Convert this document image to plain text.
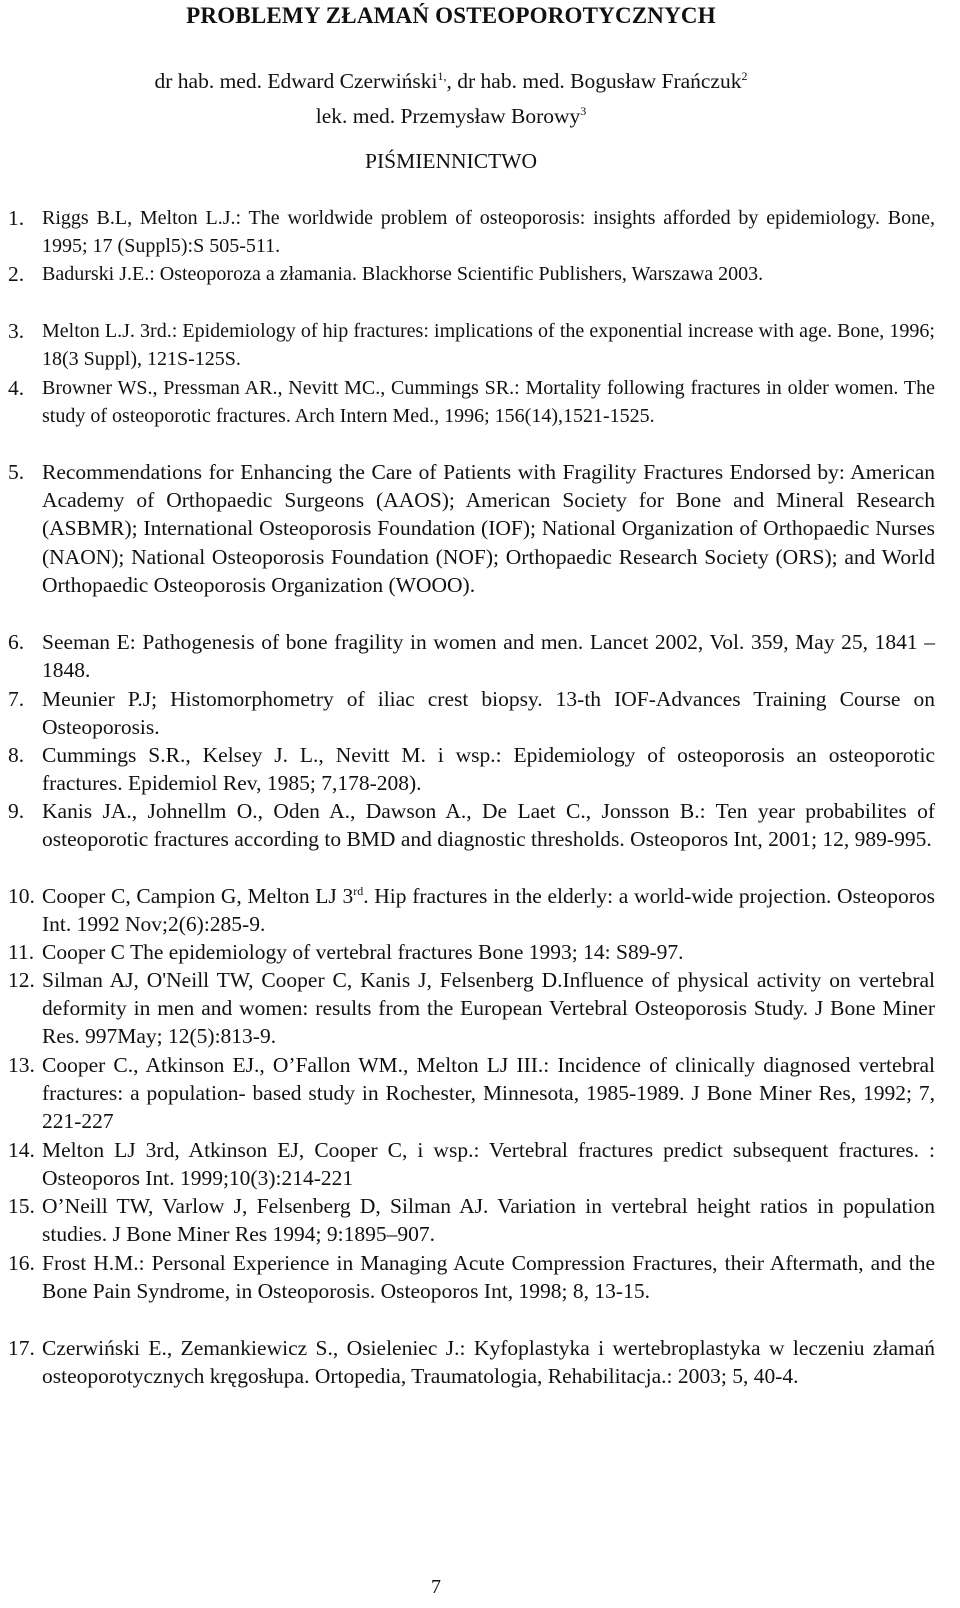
PROBLEMY ZŁAMAŃ OSTEOPOROTYCZNYCH
dr hab. med. Edward Czerwiński$^{1,}$, dr hab. med. Bogusław Frańczuk$^2$
lek. med. Przemysław Borowy$^3$
PIŚMIENNICTWO
1. Riggs B.L, Melton L.J.: The worldwide problem of osteoporosis: insights afforded by epidemiology. Bone, 1995; 17 (Suppl5):S 505-511.
2. Badurski J.E.: Osteoporoza a złamania. Blackhorse Scientific Publishers, Warszawa 2003.
3. Melton L.J. 3rd.: Epidemiology of hip fractures: implications of the exponential increase with age. Bone, 1996; 18(3 Suppl), 121S-125S.
4. Browner WS., Pressman AR., Nevitt MC., Cummings SR.: Mortality following fractures in older women. The study of osteoporotic fractures. Arch Intern Med., 1996; 156(14),1521-1525.
5. Recommendations for Enhancing the Care of Patients with Fragility Fractures Endorsed by: American Academy of Orthopaedic Surgeons (AAOS); American Society for Bone and Mineral Research (ASBMR); International Osteoporosis Foundation (IOF); National Organization of Orthopaedic Nurses (NAON); National Osteoporosis Foundation (NOF); Orthopaedic Research Society (ORS); and World Orthopaedic Osteoporosis Organization (WOOO).
6. Seeman E: Pathogenesis of bone fragility in women and men. Lancet 2002, Vol. 359, May 25, 1841 – 1848.
7. Meunier P.J; Histomorphometry of iliac crest biopsy. 13-th IOF-Advances Training Course on Osteoporosis.
8. Cummings S.R., Kelsey J. L., Nevitt M. i wsp.: Epidemiology of osteoporosis an osteoporotic fractures. Epidemiol Rev, 1985; 7,178-208).
9. Kanis JA., Johnellm O., Oden A., Dawson A., De Laet C., Jonsson B.: Ten year probabilites of osteoporotic fractures according to BMD and diagnostic thresholds. Osteoporos Int, 2001; 12, 989-995.
10. Cooper C, Campion G, Melton LJ 3rd. Hip fractures in the elderly: a world-wide projection. Osteoporos Int. 1992 Nov;2(6):285-9.
11. Cooper C The epidemiology of vertebral fractures Bone 1993; 14: S89-97.
12. Silman AJ, O'Neill TW, Cooper C, Kanis J, Felsenberg D.Influence of physical activity on vertebral deformity in men and women: results from the European Vertebral Osteoporosis Study. J Bone Miner Res. 997May; 12(5):813-9.
13. Cooper C., Atkinson EJ., O’Fallon WM., Melton LJ III.: Incidence of clinically diagnosed vertebral fractures: a population- based study in Rochester, Minnesota, 1985-1989. J Bone Miner Res, 1992; 7, 221-227
14. Melton LJ 3rd, Atkinson EJ, Cooper C, i wsp.: Vertebral fractures predict subsequent fractures. : Osteoporos Int. 1999;10(3):214-221
15. O’Neill TW, Varlow J, Felsenberg D, Silman AJ. Variation in vertebral height ratios in population studies. J Bone Miner Res 1994; 9:1895–907.
16. Frost H.M.: Personal Experience in Managing Acute Compression Fractures, their Aftermath, and the Bone Pain Syndrome, in Osteoporosis. Osteoporos Int, 1998; 8, 13-15.
17. Czerwiński E., Zemankiewicz S., Osieleniec J.: Kyfoplastyka i wertebroplastyka w leczeniu złamań osteoporotycznych kręgosłupa. Ortopedia, Traumatologia, Rehabilitacja.: 2003; 5, 40-4.
7
